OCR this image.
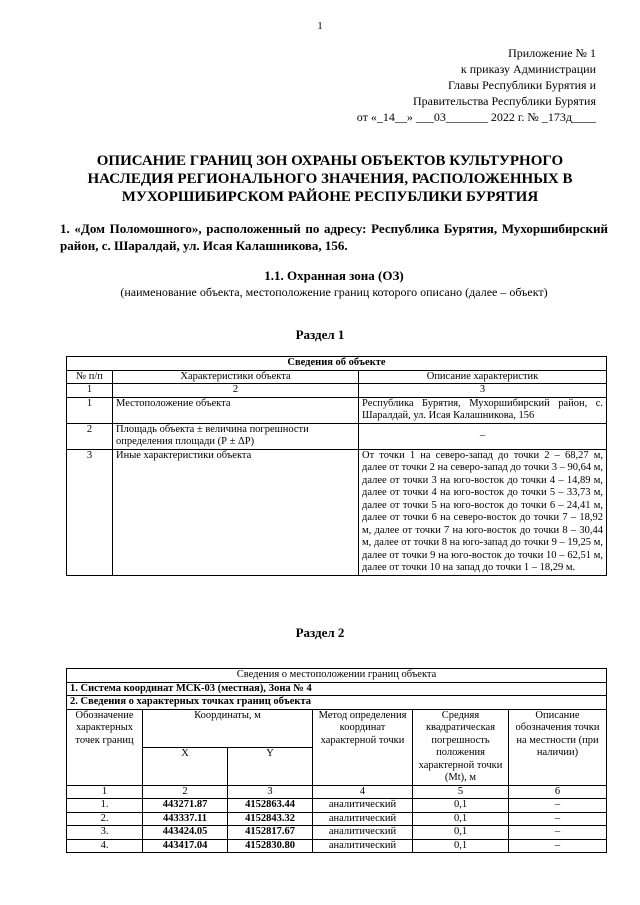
1
Приложение № 1
к приказу Администрации
Главы Республики Бурятия и
Правительства Республики Бурятия
от «_14__» ___03_______ 2022 г. № _173д____
ОПИСАНИЕ ГРАНИЦ ЗОН ОХРАНЫ ОБЪЕКТОВ КУЛЬТУРНОГО НАСЛЕДИЯ РЕГИОНАЛЬНОГО ЗНАЧЕНИЯ, РАСПОЛОЖЕННЫХ В МУХОРШИБИРСКОМ РАЙОНЕ РЕСПУБЛИКИ БУРЯТИЯ
1. «Дом Поломошного», расположенный по адресу: Республика Бурятия, Мухоршибирский район, с. Шаралдай, ул. Исая Калашникова, 156.
1.1. Охранная зона (ОЗ)
(наименование объекта, местоположение границ которого описано (далее – объект)
Раздел 1
Сведения об объекте		
№ п/п	Характеристики объекта	Описание характеристик
1	2	3
1	Местоположение объекта	Республика Бурятия, Мухоршибирский район, с. Шаралдай, ул. Исая Калашникова, 156
2	Площадь объекта ± величина погрешности определения площади (Р ± ΔР)	–
3	Иные характеристики объекта	От точки 1 на северо-запад до точки 2 – 68,27 м, далее от точки 2 на северо-запад до точки 3 – 90,64 м, далее от точки 3 на юго-восток до точки 4 – 14,89 м, далее от точки 4 на юго-восток до точки 5 – 33,73 м, далее от точки 5 на юго-восток до точки 6 – 24,41 м, далее от точки 6 на северо-восток до точки 7 – 18,92 м, далее от точки 7 на юго-восток до точки 8 – 30,44 м, далее от точки 8 на юго-запад до точки 9 – 19,25 м, далее от точки 9 на юго-восток до точки 10 – 62,51 м, далее от точки 10 на запад до точки 1 – 18,29 м.
Раздел 2
Сведения о местоположении границ объекта					
1. Система координат МСК-03 (местная), Зона № 4					
2. Сведения о характерных точках границ объекта					
Обозначение характерных точек границ	Координаты, м		Метод определения координат характерной точки	Средняя квадратическая погрешность положения характерной точки (Mt), м	Описание обозначения точки на местности (при наличии)
	X	Y			
1	2	3	4	5	6
1.	443271.87	4152863.44	аналитический	0,1	–
2.	443337.11	4152843.32	аналитический	0,1	–
3.	443424.05	4152817.67	аналитический	0,1	–
4.	443417.04	4152830.80	аналитический	0,1	–
